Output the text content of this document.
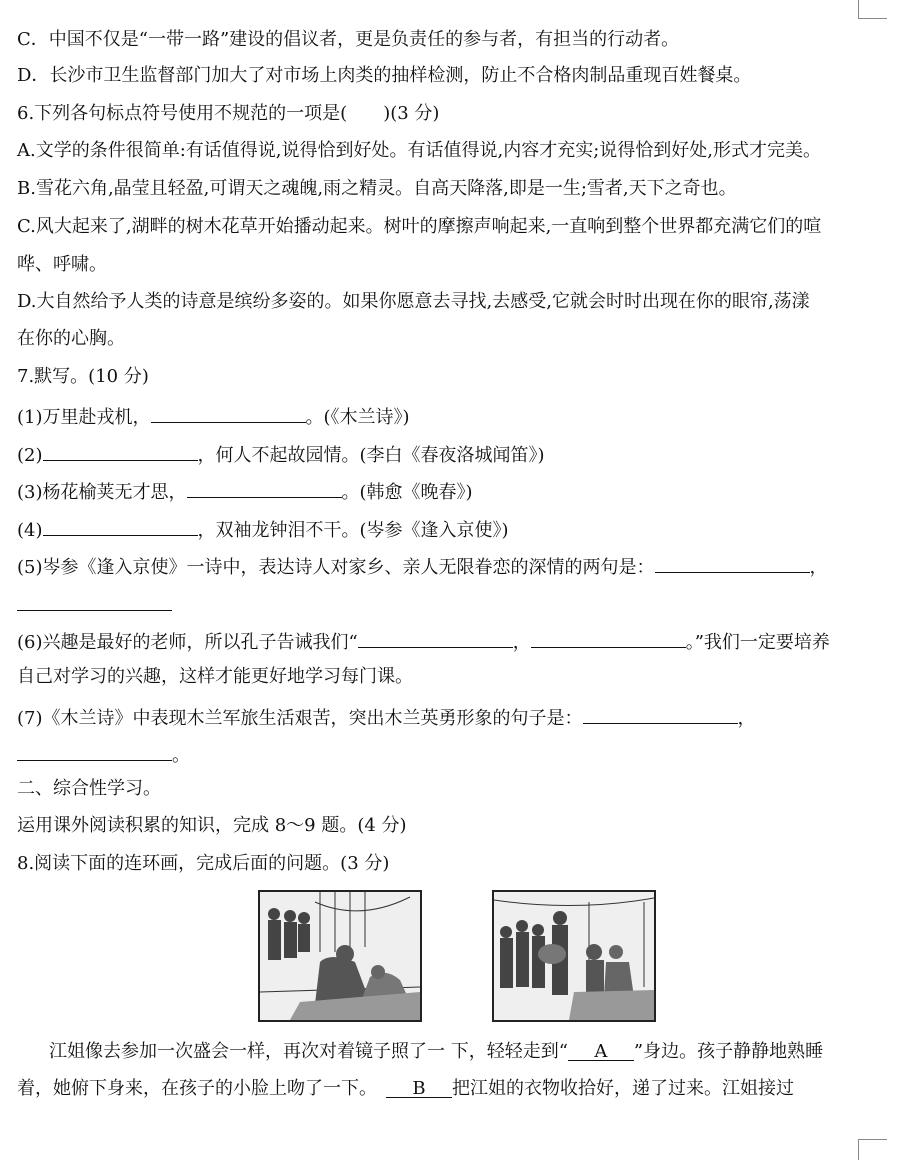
C．中国不仅是“一带一路”建设的倡议者，更是负责任的参与者，有担当的行动者。
D．长沙市卫生监督部门加大了对市场上肉类的抽样检测，防止不合格肉制品重现百姓餐桌。
6.下列各句标点符号使用不规范的一项是(　　)(3 分)
A.文学的条件很简单:有话值得说,说得恰到好处。有话值得说,内容才充实;说得恰到好处,形式才完美。
B.雪花六角,晶莹且轻盈,可谓天之魂魄,雨之精灵。自高天降落,即是一生;雪者,天下之奇也。
C.风大起来了,湖畔的树木花草开始播动起来。树叶的摩擦声响起来,一直响到整个世界都充满它们的喧
哗、呼啸。
D.大自然给予人类的诗意是缤纷多姿的。如果你愿意去寻找,去感受,它就会时时出现在你的眼帘,荡漾
在你的心胸。
7.默写。(10 分)
(1)万里赴戎机，	。(《木兰诗》)
(2)	，何人不起故园情。(李白《春夜洛城闻笛》)
(3)杨花榆荚无才思，	。(韩愈《晚春》)
(4)	，双袖龙钟泪不干。(岑参《逢入京使》)
(5)岑参《逢入京使》一诗中，表达诗人对家乡、亲人无限眷恋的深情的两句是：	，
(6)兴趣是最好的老师，所以孔子告诫我们“	，	。”我们一定要培养
自己对学习的兴趣，这样才能更好地学习每门课。
(7)《木兰诗》中表现木兰军旅生活艰苦，突出木兰英勇形象的句子是：	，
。
二、综合性学习。
运用课外阅读积累的知识，完成 8～9 题。(4 分)
8.阅读下面的连环画，完成后面的问题。(3 分)
江姐像去参加一次盛会一样，再次对着镜子照了一 下，轻轻走到“ A ”身边。孩子静静地熟睡
着，她俯下身来，在孩子的小脸上吻了一下。　B 把江姐的衣物收拾好，递了过来。江姐接过
